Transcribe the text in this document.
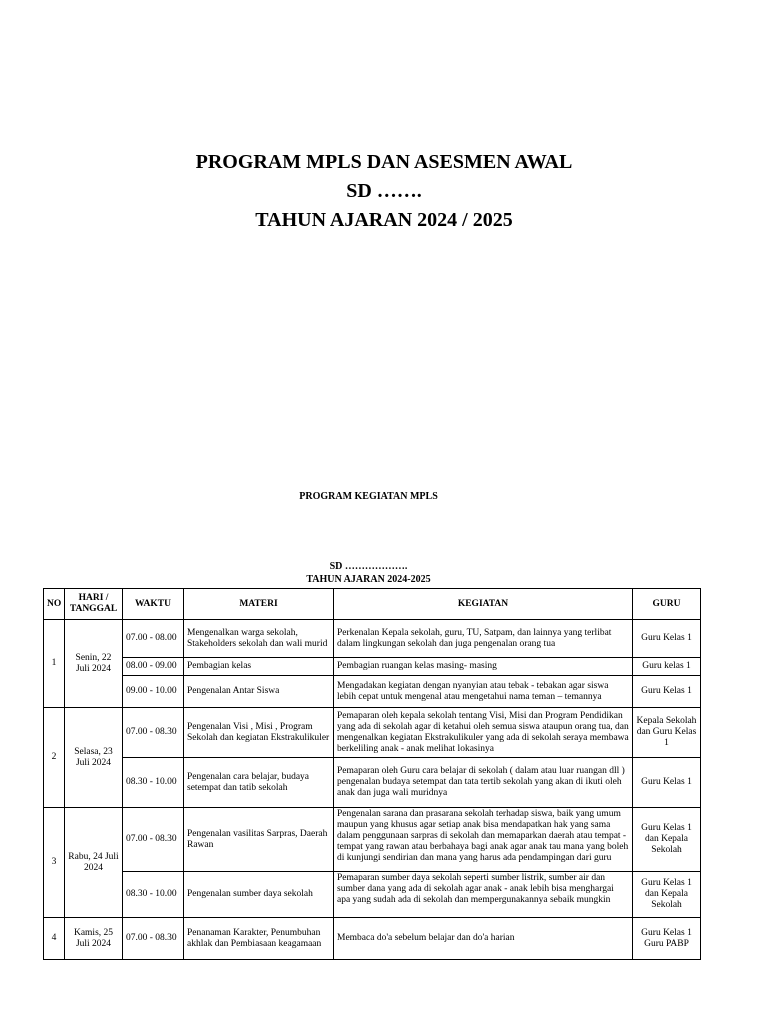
PROGRAM MPLS DAN ASESMEN AWAL
SD …….
TAHUN AJARAN 2024 / 2025
PROGRAM KEGIATAN MPLS
SD ……………….
TAHUN AJARAN 2024-2025
NO	HARI / TANGGAL	WAKTU	MATERI	KEGIATAN	GURU
1	Senin, 22 Juli 2024	07.00 - 08.00	Mengenalkan warga sekolah, Stakeholders sekolah dan wali murid	Perkenalan Kepala sekolah, guru, TU, Satpam, dan lainnya yang terlibat dalam lingkungan sekolah dan juga pengenalan orang tua	Guru Kelas 1
		08.00 - 09.00	Pembagian kelas	Pembagian ruangan kelas masing- masing	Guru kelas 1
		09.00 - 10.00	Pengenalan Antar Siswa	Mengadakan kegiatan dengan nyanyian atau tebak - tebakan agar siswa lebih cepat untuk mengenal atau mengetahui nama teman – temannya	Guru Kelas 1
2	Selasa, 23 Juli 2024	07.00 - 08.30	Pengenalan Visi , Misi , Program Sekolah dan kegiatan Ekstrakulikuler	Pemaparan oleh kepala sekolah tentang Visi, Misi dan Program Pendidikan yang ada di sekolah agar di ketahui oleh semua siswa ataupun orang tua, dan mengenalkan kegiatan Ekstrakulikuler yang ada di sekolah seraya membawa berkeliling anak - anak melihat lokasinya	Kepala Sekolah dan Guru Kelas 1
		08.30 - 10.00	Pengenalan cara belajar, budaya setempat dan tatib sekolah	Pemaparan oleh Guru cara belajar di sekolah ( dalam atau luar ruangan dll ) pengenalan budaya setempat dan tata tertib sekolah yang akan di ikuti oleh anak dan juga wali muridnya	Guru Kelas 1
3	Rabu, 24 Juli 2024	07.00 - 08.30	Pengenalan vasilitas Sarpras, Daerah Rawan	Pengenalan sarana dan prasarana sekolah terhadap siswa, baik yang umum maupun yang khusus agar setiap anak bisa mendapatkan hak yang sama dalam penggunaan sarpras di sekolah dan memaparkan daerah atau tempat - tempat yang rawan atau berbahaya bagi anak agar anak tau mana yang boleh di kunjungi sendirian dan mana yang harus ada pendampingan dari guru	Guru Kelas 1 dan Kepala Sekolah
		08.30 - 10.00	Pengenalan sumber daya sekolah	Pemaparan sumber daya sekolah seperti sumber listrik, sumber air dan sumber dana yang ada di sekolah agar anak - anak lebih bisa menghargai apa yang sudah ada di sekolah dan mempergunakannya sebaik mungkin	Guru Kelas 1 dan Kepala Sekolah
4	Kamis, 25 Juli 2024	07.00 - 08.30	Penanaman Karakter, Penumbuhan akhlak dan Pembiasaan keagamaan	Membaca do'a sebelum belajar dan do'a harian	Guru Kelas 1 Guru PABP
